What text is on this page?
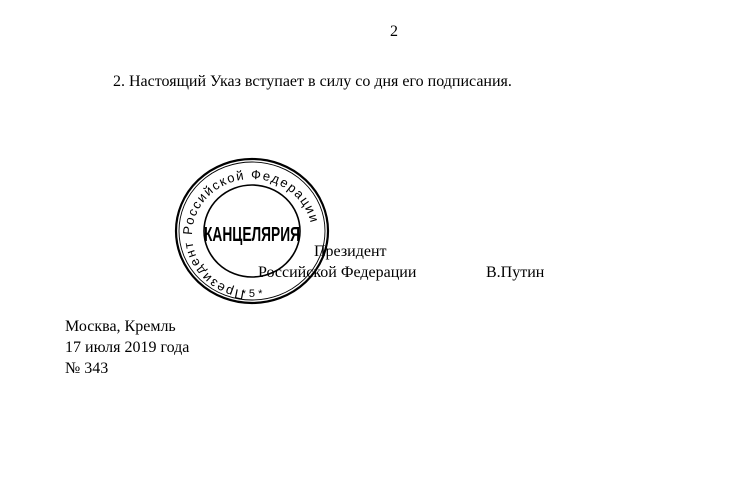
2
2. Настоящий Указ вступает в силу со дня его подписания.
Президент
Российской Федерации	В.Путин
Президент Российской Федерации
КАНЦЕЛЯРИЯ
* 5 *
Москва, Кремль
17 июля 2019 года
№ 343
